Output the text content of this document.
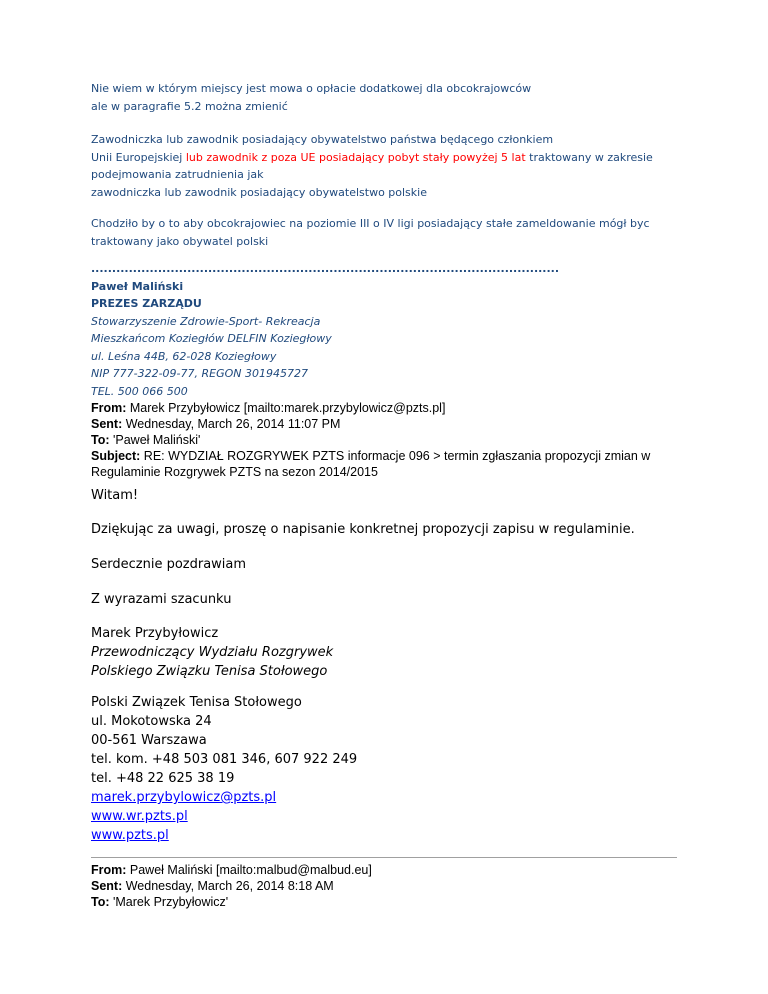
Nie wiem w którym miejscy jest mowa o opłacie dodatkowej dla obcokrajowców
ale w paragrafie 5.2 można zmienić
Zawodniczka lub zawodnik posiadający obywatelstwo państwa będącego członkiem
Unii Europejskiej lub zawodnik z poza UE posiadający pobyt stały powyżej 5 lat traktowany w zakresie
podejmowania zatrudnienia jak
zawodniczka lub zawodnik posiadający obywatelstwo polskie
Chodziło by o to aby obcokrajowiec na poziomie III o IV ligi posiadający stałe zameldowanie mógł byc
traktowany jako obywatel polski
................................................................................................................
Paweł Maliński
PREZES ZARZĄDU
Stowarzyszenie Zdrowie-Sport- Rekreacja
Mieszkańcom Koziegłów DELFIN Koziegłowy
ul. Leśna 44B, 62-028 Koziegłowy
NIP 777-322-09-77, REGON 301945727
TEL. 500 066 500
From: Marek Przybyłowicz [mailto:marek.przybylowicz@pzts.pl]
Sent: Wednesday, March 26, 2014 11:07 PM
To: 'Paweł Maliński'
Subject: RE: WYDZIAŁ ROZGRYWEK PZTS informacje 096 > termin zgłaszania propozycji zmian w
Regulaminie Rozgrywek PZTS na sezon 2014/2015
Witam!
Dziękując za uwagi, proszę o napisanie konkretnej propozycji zapisu w regulaminie.
Serdecznie pozdrawiam
Z wyrazami szacunku
Marek Przybyłowicz
Przewodniczący Wydziału Rozgrywek
Polskiego Związku Tenisa Stołowego
Polski Związek Tenisa Stołowego
ul. Mokotowska 24
00-561 Warszawa
tel. kom. +48 503 081 346, 607 922 249
tel. +48 22 625 38 19
marek.przybylowicz@pzts.pl
www.wr.pzts.pl
www.pzts.pl
From: Paweł Maliński [mailto:malbud@malbud.eu]
Sent: Wednesday, March 26, 2014 8:18 AM
To: 'Marek Przybyłowicz'
